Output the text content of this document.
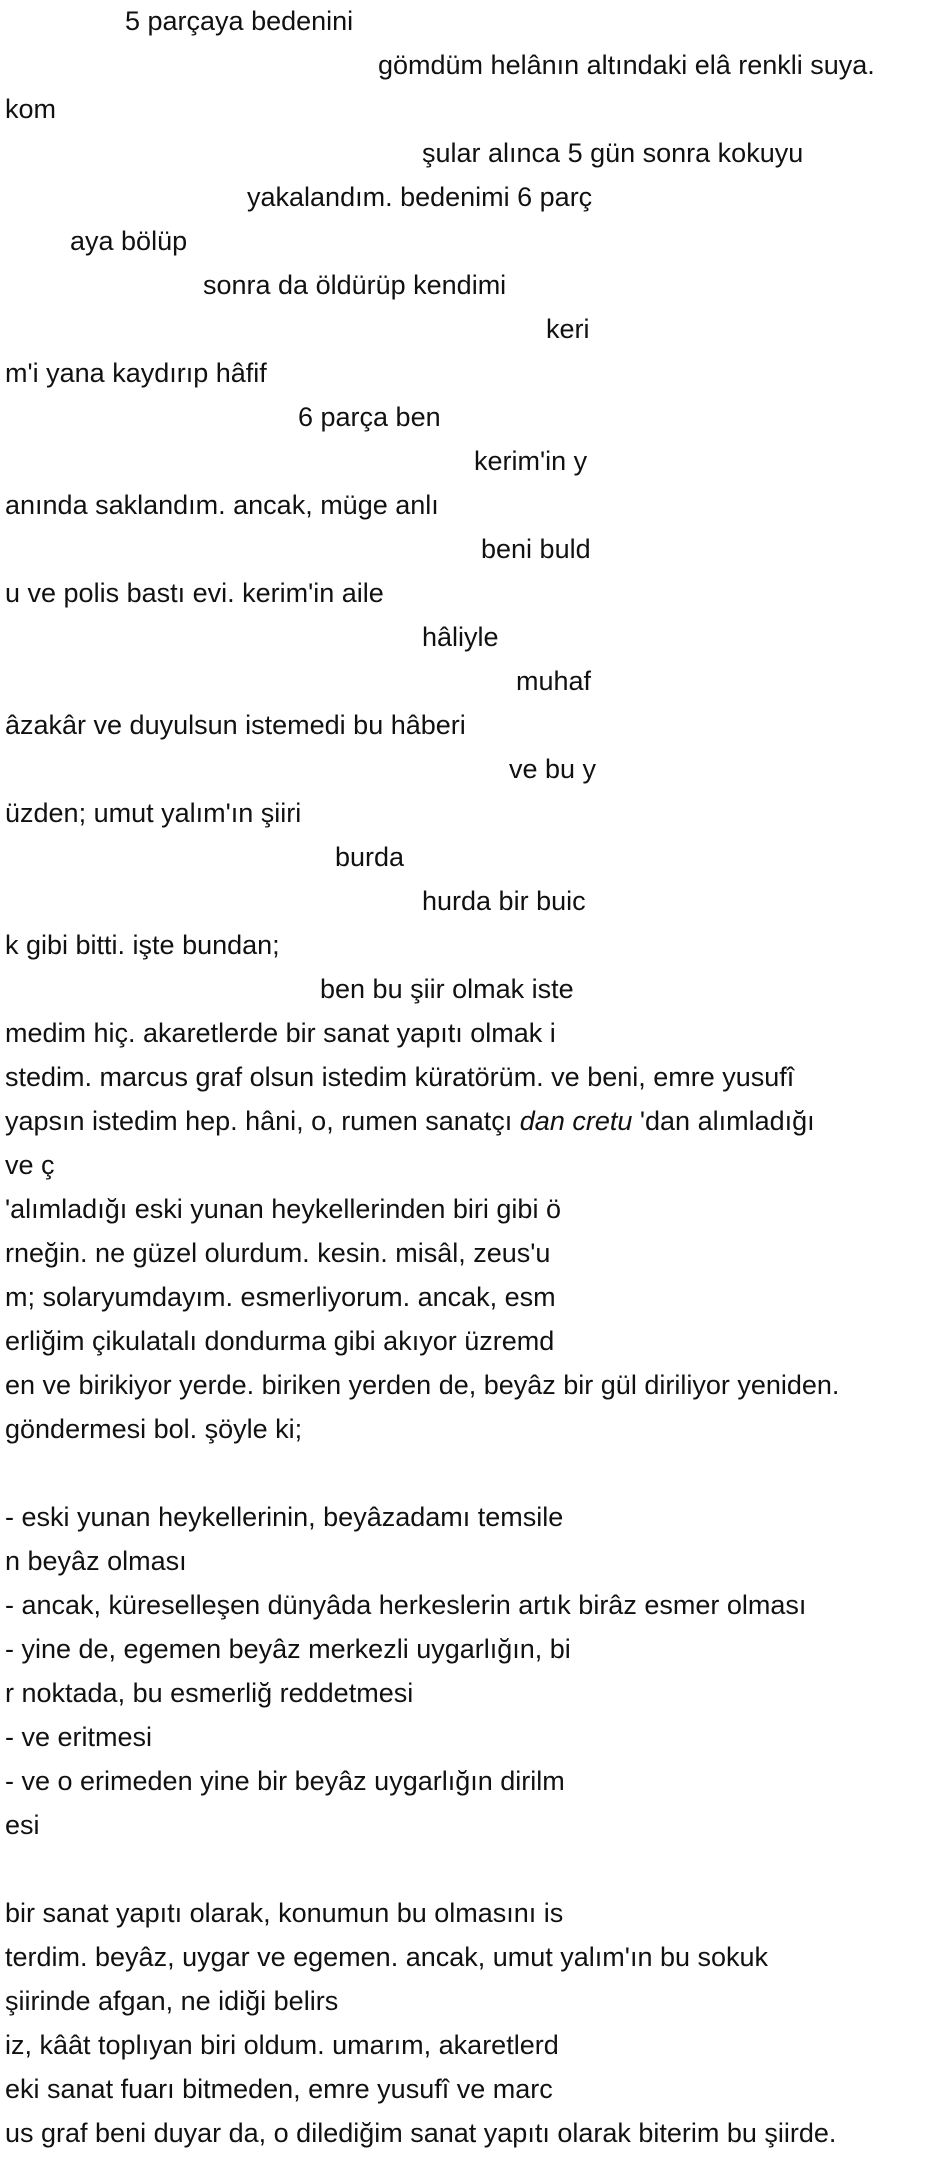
5 parçaya bedenini

gömdüm helânın altındaki elâ renkli suya.

kom

şular alınca 5 gün sonra kokuyu

yakalandım. bedenimi 6 parç

aya bölüp

sonra da öldürüp kendimi

keri

m'i yana kaydırıp hâfif

6 parça ben

kerim'in y

anında saklandım. ancak, müge anlı

beni buld

u ve polis bastı evi. kerim'in aile

hâliyle

muhaf

âzakâr ve duyulsun istemedi bu hâberi

ve bu y

üzden; umut yalım'ın şiiri

burda

hurda bir buic

k gibi bitti. işte bundan;

ben bu şiir olmak iste

medim hiç. akaretlerde bir sanat yapıtı olmak i

stedim. marcus graf olsun istedim küratörüm. ve beni, emre yusufî

yapsın istedim hep. hâni, o, rumen sanatçı dan cretu 'dan alımladığı

ve ç

'alımladığı eski yunan heykellerinden biri gibi ö

rneğin. ne güzel olurdum. kesin. misâl, zeus'u

m; solaryumdayım. esmerliyorum. ancak, esm

erliğim çikulatalı dondurma gibi akıyor üzremd

en ve birikiyor yerde. biriken yerden de, beyâz bir gül diriliyor yeniden.

göndermesi bol. şöyle ki;

- eski yunan heykellerinin, beyâzadamı temsile

n beyâz olması

- ancak, küreselleşen dünyâda herkeslerin artık birâz esmer olması

- yine de, egemen beyâz merkezli uygarlığın, bi

r noktada, bu esmerliğ reddetmesi

- ve eritmesi

- ve o erimeden yine bir beyâz uygarlığın dirilm

esi

bir sanat yapıtı olarak, konumun bu olmasını is

terdim. beyâz, uygar ve egemen. ancak, umut yalım'ın bu sokuk

şiirinde afgan, ne idiği belirs

iz, kâât toplıyan biri oldum. umarım, akaretlerd

eki sanat fuarı bitmeden, emre yusufî ve marc

us graf beni duyar da, o dilediğim sanat yapıtı olarak biterim bu şiirde.
